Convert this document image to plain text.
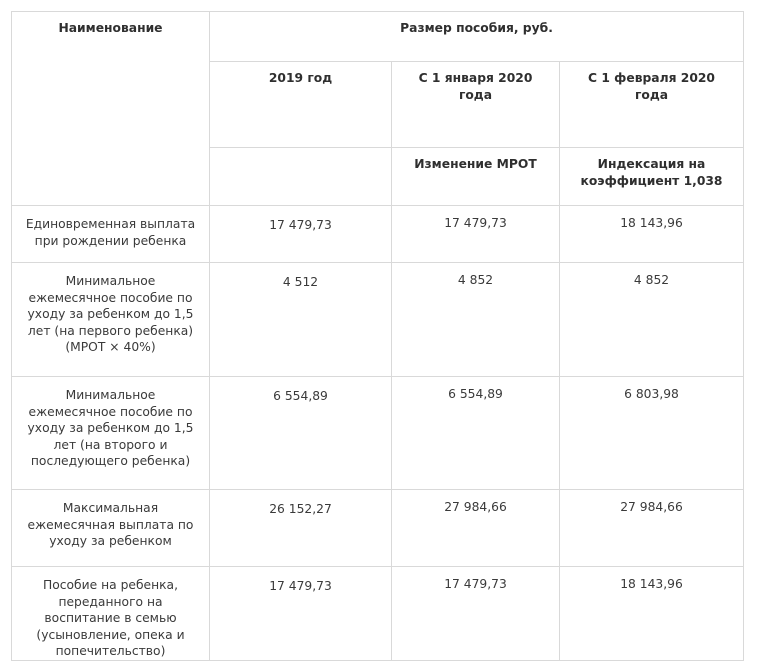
Наименование	Размер пособия, руб.		

	2019 год	С 1 января 2020 года	С 1 февраля 2020 года

		Изменение МРОТ	Индексация на коэффициент 1,038

Единовременная выплата при рождении ребенка	17 479,73	17 479,73	18 143,96

Минимальное ежемесячное пособие по уходу за ребенком до 1,5 лет (на первого ребенка) (МРОТ × 40%)	4 512	4 852	4 852

Минимальное ежемесячное пособие по уходу за ребенком до 1,5 лет (на второго и последующего ребенка)	6 554,89	6 554,89	6 803,98

Максимальная ежемесячная выплата по уходу за ребенком	26 152,27	27 984,66	27 984,66

Пособие на ребенка, переданного на воспитание в семью (усыновление, опека и попечительство)	17 479,73	17 479,73	18 143,96
